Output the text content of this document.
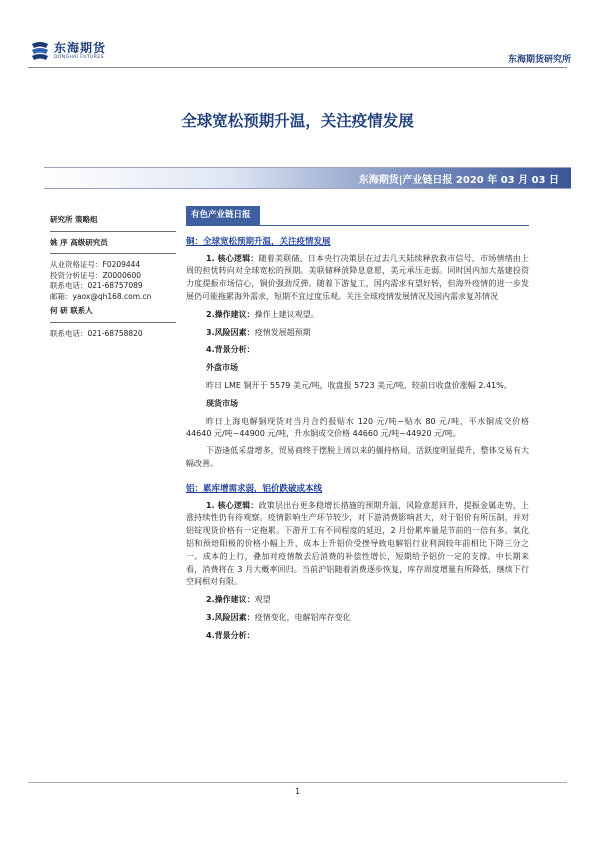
东海期货
DONGHAI FUTURES	东海期货研究所
全球宽松预期升温，关注疫情发展
东海期货|产业链日报 2020 年 03 月 03 日
研究所 策略组
姚 序 高级研究员
从业资格证号：F0209444
投资分析证号：Z0000600
联系电话：021-68757089
邮箱：yaox@qh168.com.cn
何 研 联系人
联系电话：021-68758820
有色产业链日报
铜：全球宽松预期升温，关注疫情发展

1. 核心逻辑：随着美联储、日本央行决策层在过去几天陆续释放救市信号，市场情绪由上周的担忧转向对全球宽松的预期。美联储释放降息意愿，美元承压走弱。同时国内加大基建投资力度提振市场信心，铜价强劲反弹。随着下游复工，国内需求有望好转，但海外疫情的进一步发展仍可能拖累海外需求，短期不宜过度乐观。关注全球疫情发展情况及国内需求复苏情况

2.操作建议：操作上建议观望。
3.风险因素：疫情发展超预期
4.背景分析：
外盘市场

昨日 LME 铜开于 5579 美元/吨，收盘报 5723 美元/吨，较前日收盘价涨幅 2.41%。

现货市场

昨日上海电解铜现货对当月合约报贴水 120 元/吨~贴水 80 元/吨，平水铜成交价格 44640 元/吨~44900 元/吨，升水铜成交价格 44660 元/吨~44920 元/吨。

下游逢低采盘增多，贸易商终于摆脱上周以来的僵持格局，活跃度明显提升，整体交易有大幅改善。

铝：累库增需求弱，铝价跌破成本线

1. 核心逻辑：政策层出台更多稳增长措施的预期升温，风险意愿回升，提振金属走势，上涨持续性仍有待观察。疫情影响生产环节较少，对下游消费影响甚大，对于铝价有所压制，并对铝锭现货价格有一定拖累。下游开工有不同程度的延迟，2 月份累库量是节前的一倍有多。氧化铝和预焙阳极的价格小幅上升，成本上升铝价受挫导致电解铝行业利润较年前相比下降三分之一。成本的上行，叠加对疫情散去后消费的补偿性增长，短期给予铝价一定的支撑。中长期来看，消费将在 3 月大概率回归。当前沪铝随着消费逐步恢复，库存周度增量有所降低，继续下行空间相对有限。

2.操作建议：观望
3.风险因素：疫情变化，电解铝库存变化
4.背景分析：
1
